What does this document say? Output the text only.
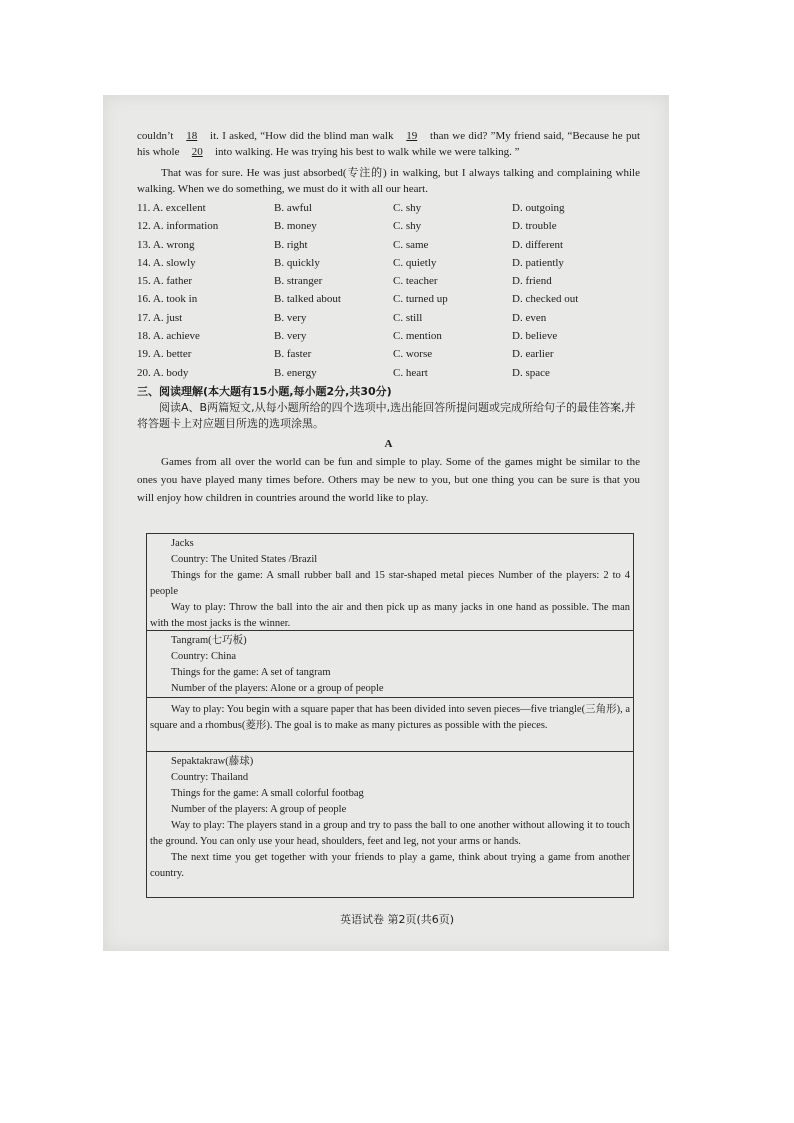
couldn’t 18 it. I asked, “How did the blind man walk 19 than we did? ”My friend said, “Because he put his whole 20 into walking. He was trying his best to walk while we were talking. ”

That was for sure. He was just absorbed(专注的) in walking, but I always talking and complaining while walking. When we do something, we must do it with all our heart.

11. A. excellent	B. awful	C. shy	D. outgoing
12. A. information	B. money	C. shy	D. trouble
13. A. wrong	B. right	C. same	D. different
14. A. slowly	B. quickly	C. quietly	D. patiently
15. A. father	B. stranger	C. teacher	D. friend
16. A. took in	B. talked about	C. turned up	D. checked out
17. A. just	B. very	C. still	D. even
18. A. achieve	B. very	C. mention	D. believe
19. A. better	B. faster	C. worse	D. earlier
20. A. body	B. energy	C. heart	D. space
三、阅读理解(本大题有15小题,每小题2分,共30分)

阅读A、B两篇短文,从每小题所给的四个选项中,选出能回答所提问题或完成所给句子的最佳答案,并将答题卡上对应题目所选的选项涂黑。

A

Games from all over the world can be fun and simple to play. Some of the games might be similar to the ones you have played many times before. Others may be new to you, but one thing you can be sure is that you will enjoy how children in countries around the world like to play.

Jacks

Country: The United States /Brazil

Things for the game: A small rubber ball and 15 star-shaped metal pieces Number of the players: 2 to 4 people

Way to play: Throw the ball into the air and then pick up as many jacks in one hand as possible. The man with the most jacks is the winner.

Tangram(七巧板)

Country: China

Things for the game: A set of tangram

Number of the players: Alone or a group of people

Way to play: You begin with a square paper that has been divided into seven pieces—five triangle(三角形), a square and a rhombus(菱形). The goal is to make as many pictures as possible with the pieces.

Sepaktakraw(藤球)

Country: Thailand

Things for the game: A small colorful footbag

Number of the players: A group of people

Way to play: The players stand in a group and try to pass the ball to one another without allowing it to touch the ground. You can only use your head, shoulders, feet and leg, not your arms or hands.

The next time you get together with your friends to play a game, think about trying a game from another country.

英语试卷 第2页(共6页)
